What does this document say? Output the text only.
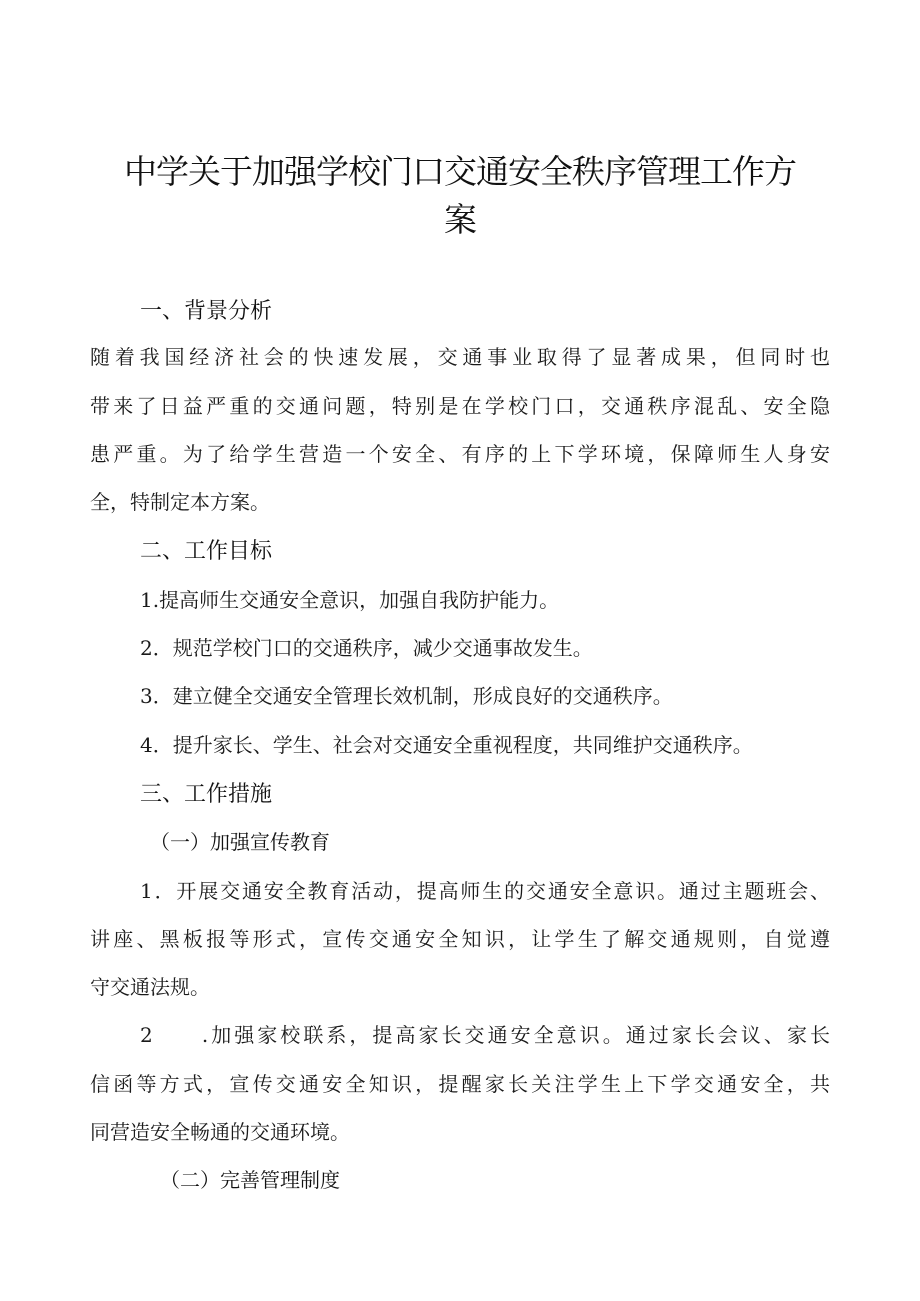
中学关于加强学校门口交通安全秩序管理工作方
案
一、背景分析

随着我国经济社会的快速发展，交通事业取得了显著成果，但同时也

带来了日益严重的交通问题，特别是在学校门口，交通秩序混乱、安全隐

患严重。为了给学生营造一个安全、有序的上下学环境，保障师生人身安

全，特制定本方案。

二、工作目标

1.提高师生交通安全意识，加强自我防护能力。

2．规范学校门口的交通秩序，减少交通事故发生。

3．建立健全交通安全管理长效机制，形成良好的交通秩序。

4．提升家长、学生、社会对交通安全重视程度，共同维护交通秩序。

三、工作措施

（一）加强宣传教育

1．开展交通安全教育活动，提高师生的交通安全意识。通过主题班会、

讲座、黑板报等形式，宣传交通安全知识，让学生了解交通规则，自觉遵

守交通法规。

2　　.加强家校联系，提高家长交通安全意识。通过家长会议、家长

信函等方式，宣传交通安全知识，提醒家长关注学生上下学交通安全，共

同营造安全畅通的交通环境。

（二）完善管理制度
